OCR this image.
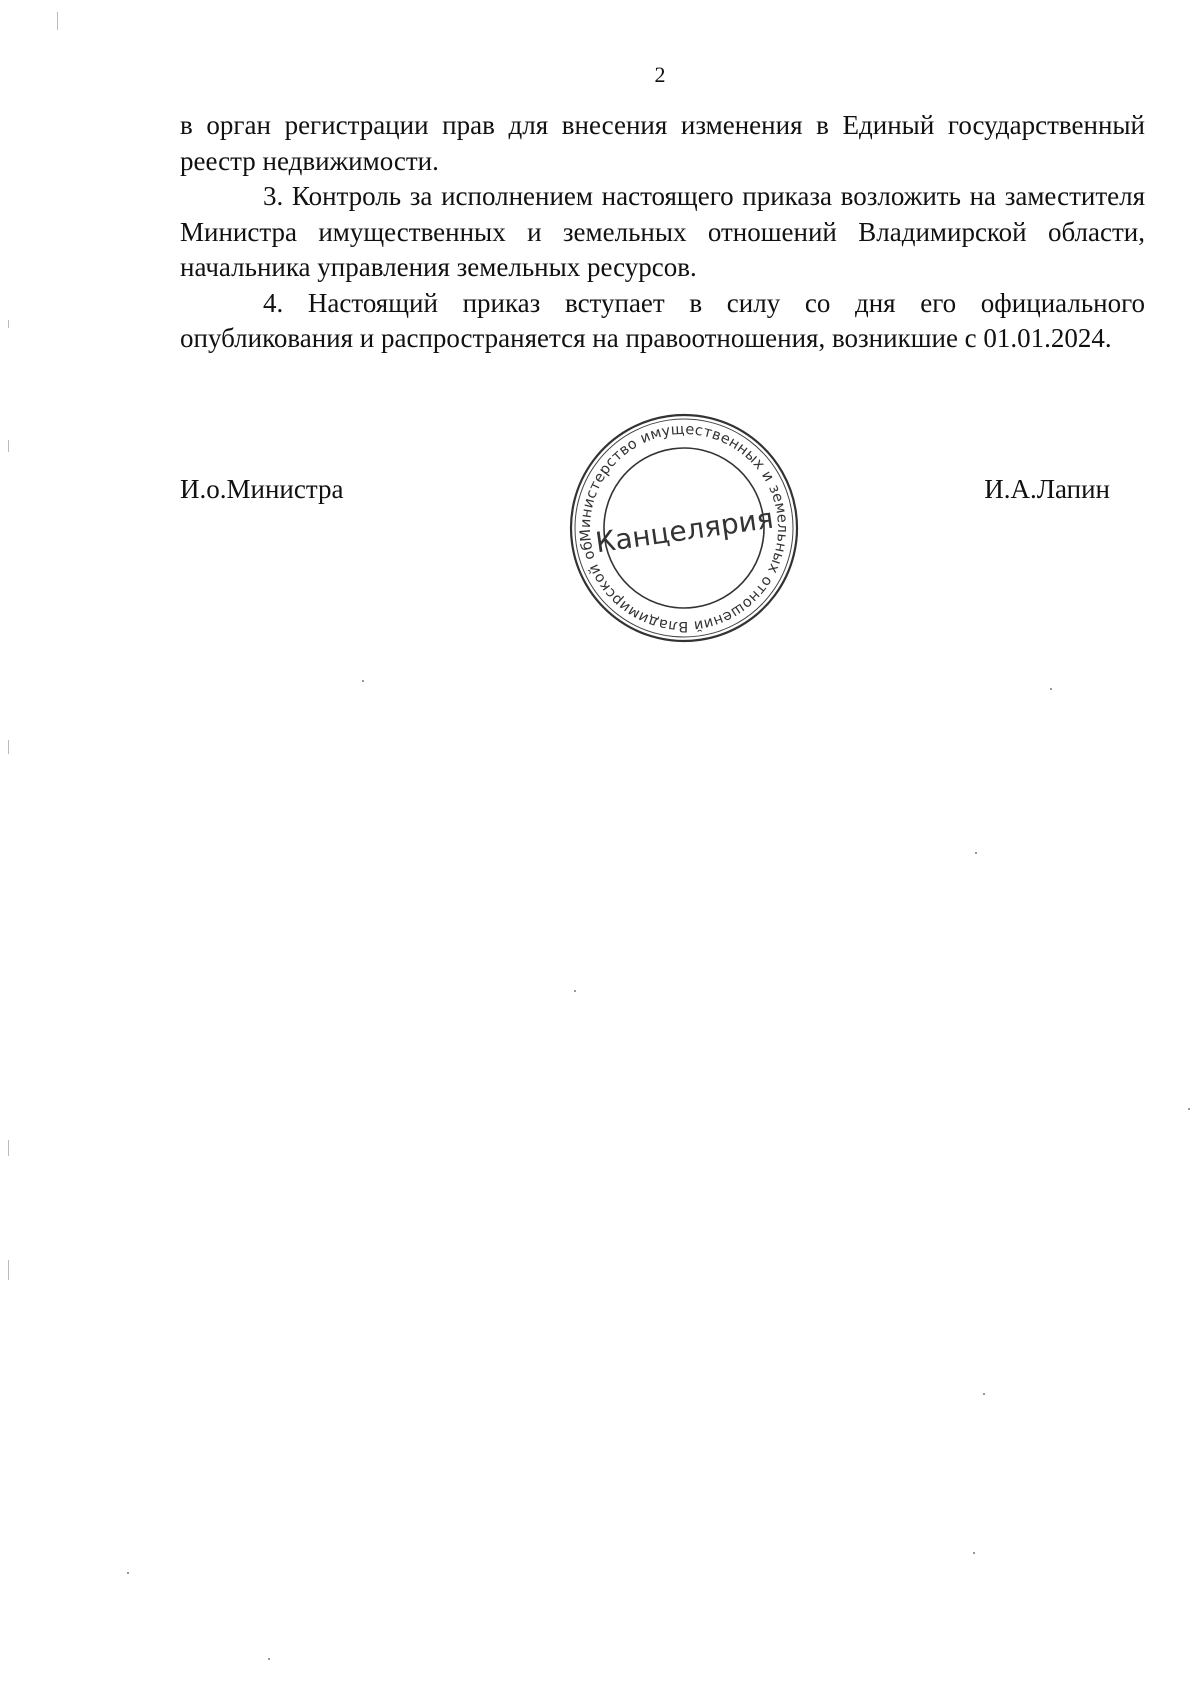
2

в орган регистрации прав для внесения изменения в Единый государственный реестр недвижимости.

3. Контроль за исполнением настоящего приказа возложить на заместителя Министра имущественных и земельных отношений Владимирской области, начальника управления земельных ресурсов.

4. Настоящий приказ вступает в силу со дня его официального опубликования и распространяется на правоотношения, возникшие с 01.01.2024.

И.о.Министра	И.А.Лапин
Министерство имущественных и земельных отношений Владимирской области
Канцелярия
